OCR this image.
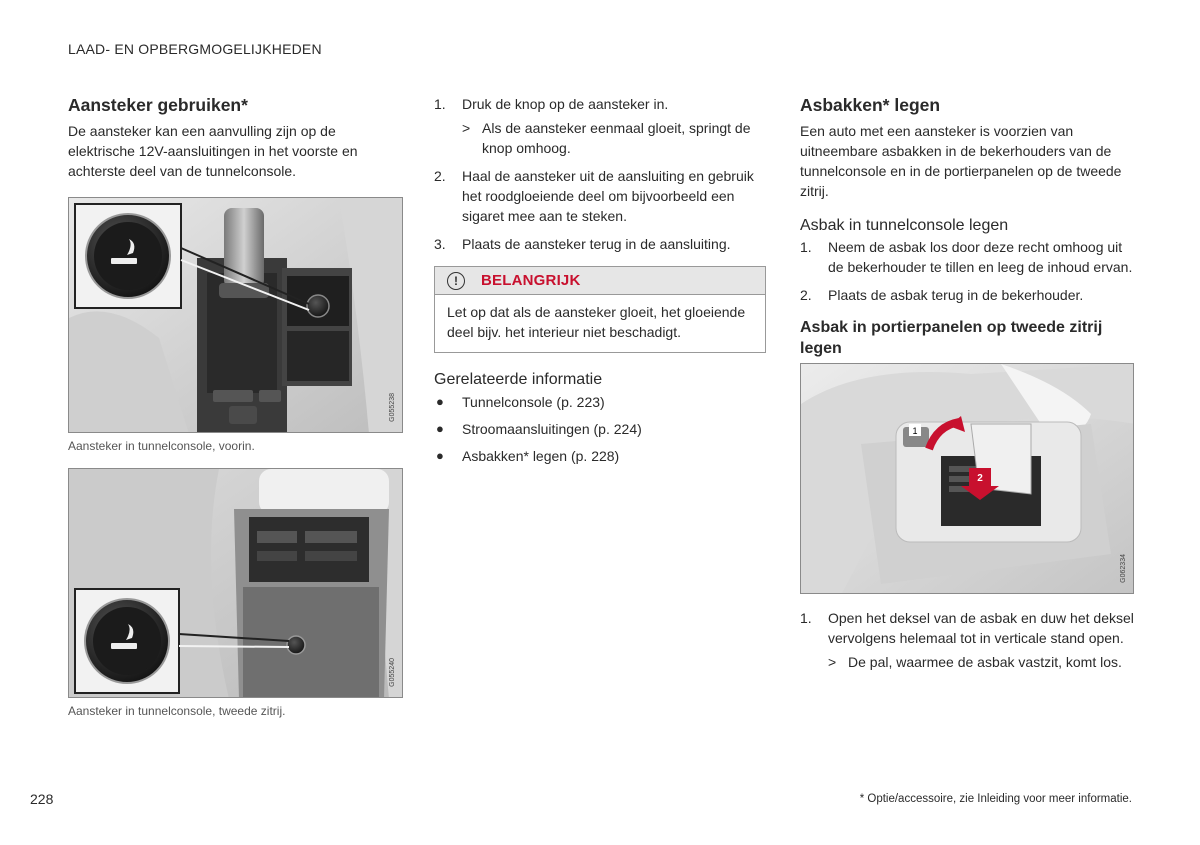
LAAD- EN OPBERGMOGELIJKHEDEN
Aansteker gebruiken*

De aansteker kan een aanvulling zijn op de elektrische 12V-aansluitingen in het voorste en achterste deel van de tunnelconsole.

G055238
Aansteker in tunnelconsole, voorin.
G055240
Aansteker in tunnelconsole, tweede zitrij.
1. Druk de knop op de aansteker in.
> Als de aansteker eenmaal gloeit, springt de knop omhoog.
2. Haal de aansteker uit de aansluiting en gebruik het roodgloeiende deel om bijvoorbeeld een sigaret mee aan te steken.
3. Plaats de aansteker terug in de aansluiting.
!	BELANGRIJK
Let op dat als de aansteker gloeit, het gloeiende deel bijv. het interieur niet beschadigt.
Gerelateerde informatie
● Tunnelconsole (p. 223)
● Stroomaansluitingen (p. 224)
● Asbakken* legen (p. 228)
Asbakken* legen

Een auto met een aansteker is voorzien van uitneembare asbakken in de bekerhouders van de tunnelconsole en in de portierpanelen op de tweede zitrij.

Asbak in tunnelconsole legen
1. Neem de asbak los door deze recht omhoog uit de bekerhouder te tillen en leeg de inhoud ervan.
2. Plaats de asbak terug in de bekerhouder.
Asbak in portierpanelen op tweede zitrij legen
1
2
G062334
1. Open het deksel van de asbak en duw het deksel vervolgens helemaal tot in verticale stand open.
> De pal, waarmee de asbak vastzit, komt los.
228	* Optie/accessoire, zie Inleiding voor meer informatie.
